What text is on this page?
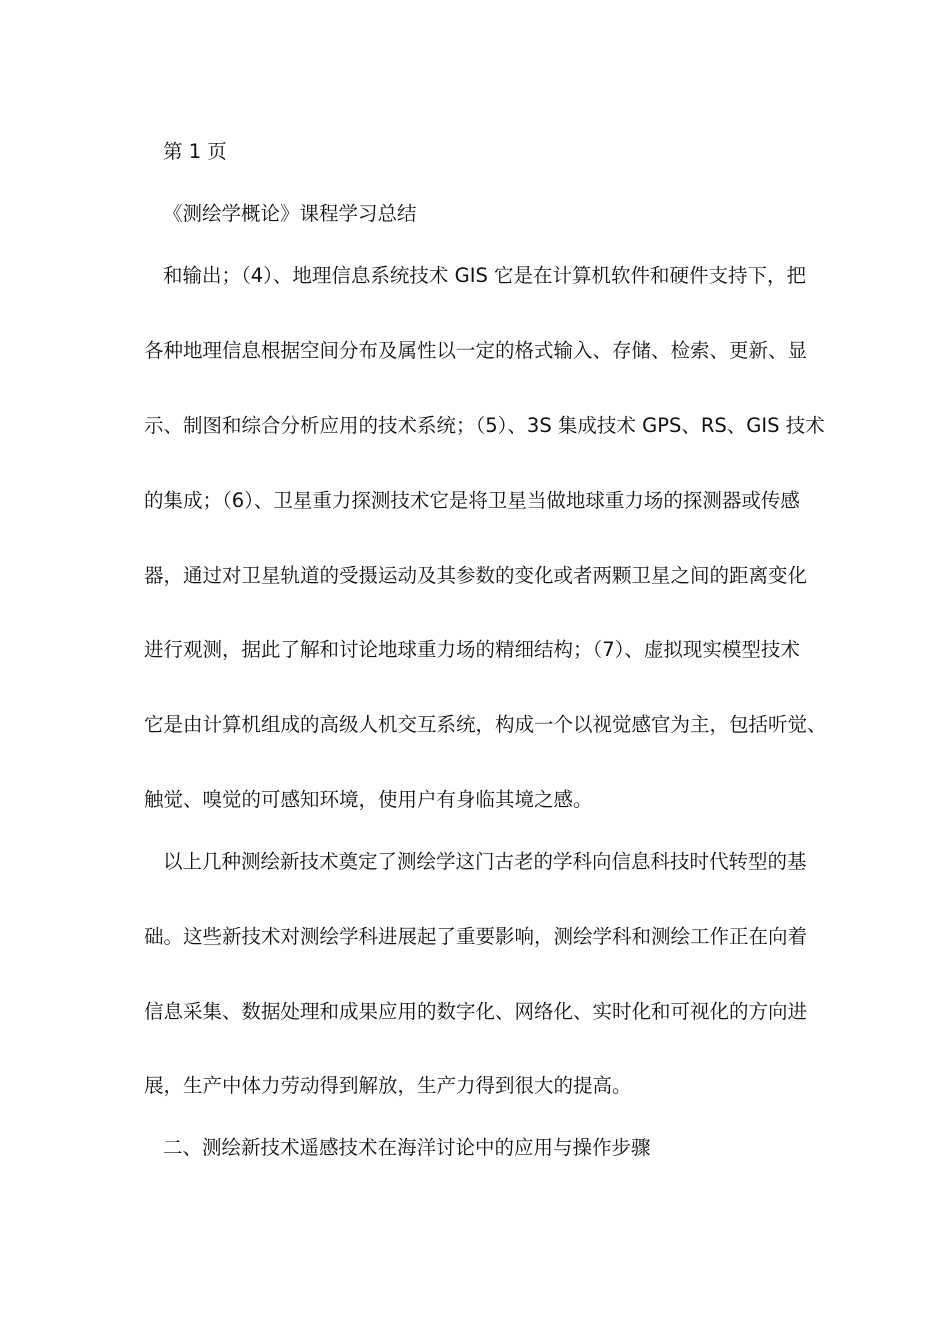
第 1 页
《测绘学概论》课程学习总结
和输出；（4）、地理信息系统技术 GIS 它是在计算机软件和硬件支持下，把
各种地理信息根据空间分布及属性以一定的格式输入、存储、检索、更新、显
示、制图和综合分析应用的技术系统；（5）、3S 集成技术 GPS、RS、GIS 技术
的集成；（6）、卫星重力探测技术它是将卫星当做地球重力场的探测器或传感
器，通过对卫星轨道的受摄运动及其参数的变化或者两颗卫星之间的距离变化
进行观测，据此了解和讨论地球重力场的精细结构；（7）、虚拟现实模型技术
它是由计算机组成的高级人机交互系统，构成一个以视觉感官为主，包括听觉、
触觉、嗅觉的可感知环境，使用户有身临其境之感。
以上几种测绘新技术奠定了测绘学这门古老的学科向信息科技时代转型的基
础。这些新技术对测绘学科进展起了重要影响，测绘学科和测绘工作正在向着
信息采集、数据处理和成果应用的数字化、网络化、实时化和可视化的方向进
展，生产中体力劳动得到解放，生产力得到很大的提高。
二、测绘新技术遥感技术在海洋讨论中的应用与操作步骤
